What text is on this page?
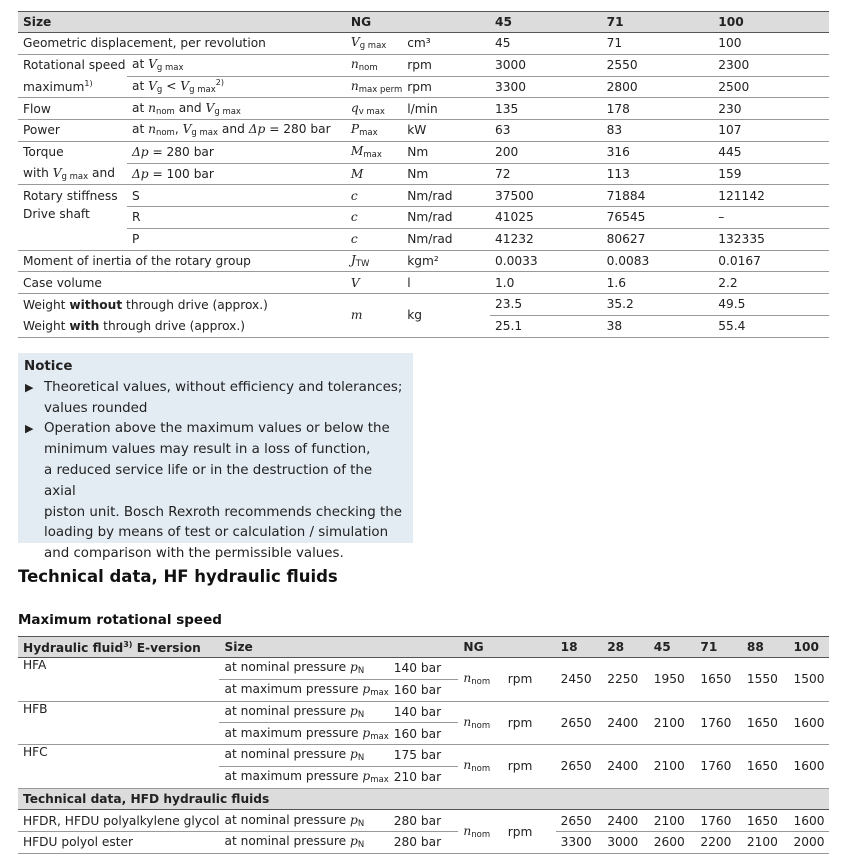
Size		NG		45	71	100
Geometric displacement, per revolution		$V_{g max}$	cm³	45	71	100
Rotational speed	at $V_{g max}$	$n_{nom}$	rpm	3000	2550	2300
maximum$^{1)}$	at $V_g < V_{g max}^{2)}$	$n_{max perm}$	rpm	3300	2800	2500
Flow	at $n_{nom}$ and $V_{g max}$	$q_{v max}$	l/min	135	178	230
Power	at $n_{nom}$, $V_{g max}$ and Δp = 280 bar	$P_{max}$	kW	63	83	107
Torque	Δp = 280 bar	$M_{max}$	Nm	200	316	445
with $V_{g max}$ and	Δp = 100 bar	M	Nm	72	113	159
Rotary stiffness	S	c	Nm/rad	37500	71884	121142
Drive shaft	R	c	Nm/rad	41025	76545	–
	P	c	Nm/rad	41232	80627	132335
Moment of inertia of the rotary group		$J_{TW}$	kgm²	0.0033	0.0083	0.0167
Case volume		V	l	1.0	1.6	2.2
Weight without through drive (approx.)		m	kg	23.5	35.2	49.5
Weight with through drive (approx.)				25.1	38	55.4
Notice
▶ Theoretical values, without efficiency and tolerances;
values rounded
▶ Operation above the maximum values or below the
minimum values may result in a loss of function,
a reduced service life or in the destruction of the axial
piston unit. Bosch Rexroth recommends checking the
loading by means of test or calculation / simulation
and comparison with the permissible values.
Technical data, HF hydraulic fluids
Maximum rotational speed
Hydraulic fluid$^{3)}$ E-version	Size		NG		18	28	45	71	88	100
HFA	at nominal pressure $p_N$	140 bar	$n_{nom}$	rpm	2450	2250	1950	1650	1550	1500
	at maximum pressure $p_{max}$	160 bar								
HFB	at nominal pressure $p_N$	140 bar	$n_{nom}$	rpm	2650	2400	2100	1760	1650	1600
	at maximum pressure $p_{max}$	160 bar								
HFC	at nominal pressure $p_N$	175 bar	$n_{nom}$	rpm	2650	2400	2100	1760	1650	1600
	at maximum pressure $p_{max}$	210 bar								
Technical data, HFD hydraulic fluids										
HFDR, HFDU polyalkylene glycol	at nominal pressure $p_N$	280 bar	$n_{nom}$	rpm	2650	2400	2100	1760	1650	1600
HFDU polyol ester	at nominal pressure $p_N$	280 bar			3300	3000	2600	2200	2100	2000
